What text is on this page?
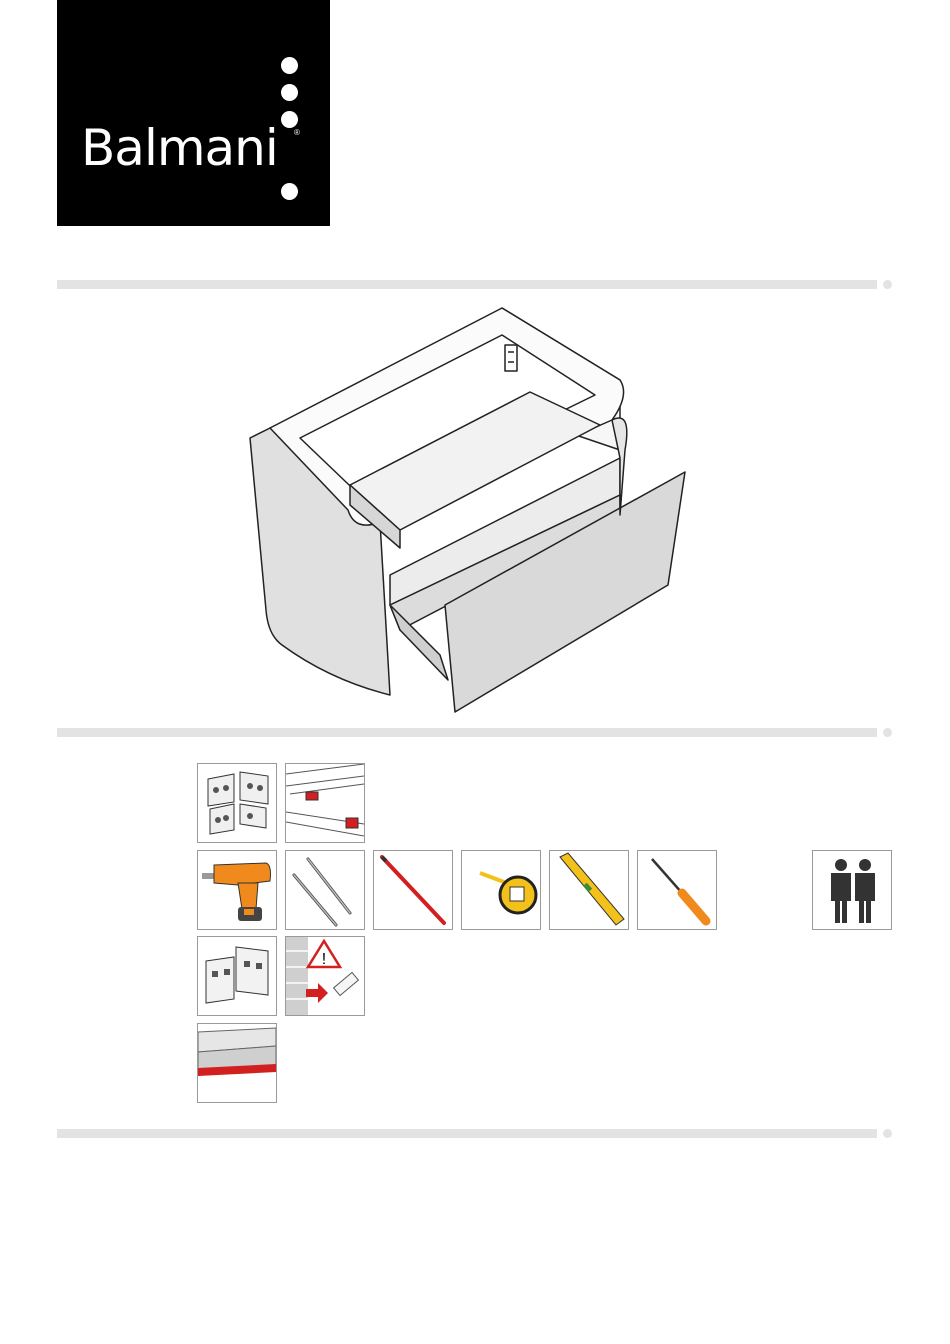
Balmani ®
!
